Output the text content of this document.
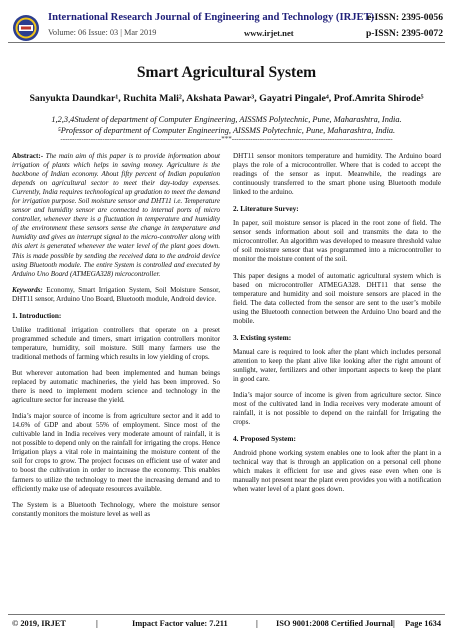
International Research Journal of Engineering and Technology (IRJET)
e-ISSN: 2395-0056
Volume: 06 Issue: 03 | Mar 2019	www.irjet.net	p-ISSN: 2395-0072
Smart Agricultural System
Sanyukta Daundkar¹, Ruchita Mali², Akshata Pawar³, Gayatri Pingale⁴, Prof.Amrita Shirode⁵
1,2,3,4Student of department of Computer Engineering, AISSMS Polytechnic, Pune, Maharashtra, India.
⁵Professor of department of Computer Engineering, AISSMS Polytechnic, Pune, Maharashtra, India.
---------------------------------------------------------------------***---------------------------------------------------------------------

Abstract:- The main aim of this paper is to provide information about irrigation of plants which helps in saving money. Agriculture is the backbone of Indian economy. About fifty percent of Indian population depends on agricultural sector to meet their day-today expenses. Currently, India requires technological up gradation to meet the demand for irrigation purpose. Soil moisture sensor and DHT11 i.e. Temperature sensor and humidity sensor are connected to internal ports of micro controller, whenever there is a fluctuation in temperature and humidity of the environment these sensors sense the change in temperature and humidity and gives an interrupt signal to the micro-controller along with this alert is generated whenever the water level of the plant goes down. This is made possible by sending the received data to the android device using Bluetooth module. The entire System is controlled and executed by Arduino Uno Board (ATMEGA328) microcontroller.

Keywords: Economy, Smart Irrigation System, Soil Moisture Sensor, DHT11 sensor, Arduino Uno Board, Bluetooth module, Android device.

1. Introduction:

Unlike traditional irrigation controllers that operate on a preset programmed schedule and timers, smart irrigation controllers monitor temperature, humidity, soil moisture. Still many farmers use the traditional methods of farming which results in low yielding of crops.

But wherever automation had been implemented and human beings replaced by automatic machineries, the yield has been improved. So there is need to implement modern science and technology in the agriculture sector for increase the yield.

India’s major source of income is from agriculture sector and it add to 14.6% of GDP and about 55% of employment. Since most of the cultivable land in India receives very moderate amount of rainfall, it is not possible to depend only on the rainfall for irrigating the crops. Hence Irrigation plays a vital role in maintaining the moisture content of the soil for crops to grow. The project focuses on efficient use of water and to boost the cultivation in order to increase the economy. This enables farmers to utilize the technology to meet the increasing demand and to efficiently make use of adequate resources available.

The System is a Bluetooth Technology, where the moisture sensor constantly monitors the moisture level as well as

DHT11 sensor monitors temperature and humidity. The Arduino board plays the role of a microcontroller. Where that is coded to accept the readings of the sensor as input. Meanwhile, the readings are continuously transferred to the smart phone using Bluetooth module linked to the arduino.

2. Literature Survey:

In paper, soil moisture sensor is placed in the root zone of field. The sensor sends information about soil and transmits the data to the microcontroller. An algorithm was developed to measure threshold value of soil moisture sensor that was programmed into a microcontroller to monitor the moisture content of the soil.

This paper designs a model of automatic agricultural system which is based on microcontroller ATMEGA328. DHT11 that sense the temperature and humidity and soil moisture sensors are placed in the field. The data collected from the sensor are sent to the user’s mobile using the Bluetooth connection between the Arduino Uno board and the mobile.

3. Existing system:

Manual care is required to look after the plant which includes personal attention to keep the plant alive like looking after the right amount of sunlight, water, fertilizers and other important aspects to keep the plant in good care.

India’s major source of income is given from agriculture sector. Since most of the cultivated land in India receives very moderate amount of rainfall, it is not possible to depend on the rainfall for Irrigating the crops.

4. Proposed System:

Android phone working system enables one to look after the plant in a technical way that is through an application on a personal cell phone which makes it efficient for use and gives ease even when one is manually not present near the plant even provides you with a notification when water level of a plant goes down.

© 2019, IRJET	|	Impact Factor value: 7.211	| ISO 9001:2008 Certified Journal | Page 1634
